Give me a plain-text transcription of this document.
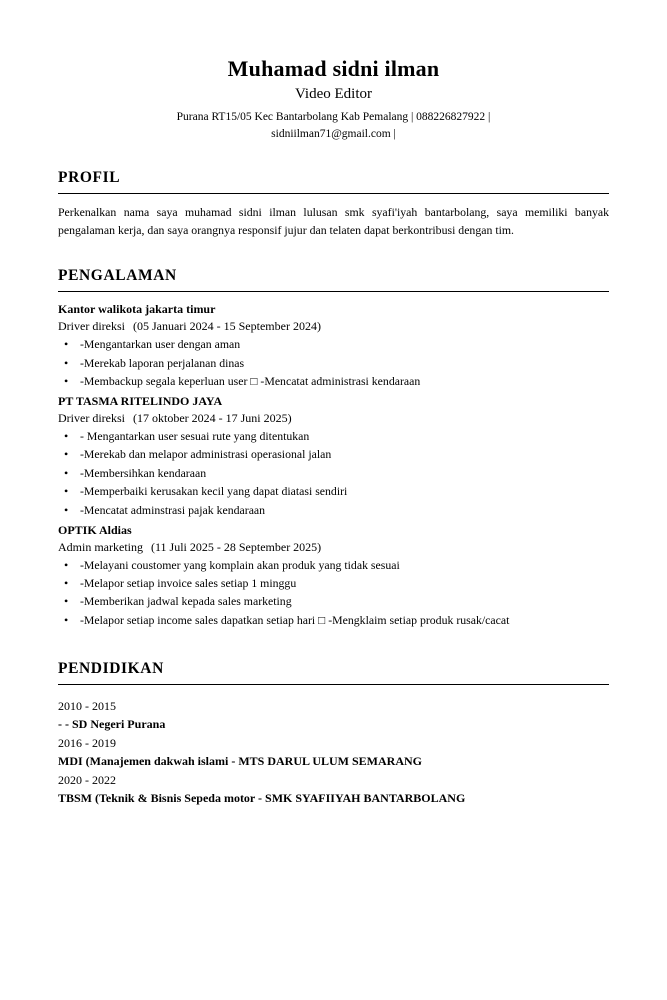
Muhamad sidni ilman
Video Editor
Purana RT15/05 Kec Bantarbolang Kab Pemalang | 088226827922 |
sidniilman71@gmail.com |
PROFIL

Perkenalkan nama saya muhamad sidni ilman lulusan smk syafi'iyah bantarbolang, saya memiliki banyak pengalaman kerja, dan saya orangnya responsif jujur dan telaten dapat berkontribusi dengan tim.

PENGALAMAN
Kantor walikota jakarta timur
Driver direksi (05 Januari 2024 - 15 September 2024)
• -Mengantarkan user dengan aman
• -Merekab laporan perjalanan dinas
• -Membackup segala keperluan user □ -Mencatat administrasi kendaraan
PT TASMA RITELINDO JAYA
Driver direksi (17 oktober 2024 - 17 Juni 2025)
• - Mengantarkan user sesuai rute yang ditentukan
• -Merekab dan melapor administrasi operasional jalan
• -Membersihkan kendaraan
• -Memperbaiki kerusakan kecil yang dapat diatasi sendiri
• -Mencatat adminstrasi pajak kendaraan
OPTIK Aldias
Admin marketing (11 Juli 2025 - 28 September 2025)
• -Melayani coustomer yang komplain akan produk yang tidak sesuai
• -Melapor setiap invoice sales setiap 1 minggu
• -Memberikan jadwal kepada sales marketing
• -Melapor setiap income sales dapatkan setiap hari □ -Mengklaim setiap produk rusak/cacat
PENDIDIKAN
2010 - 2015
- - SD Negeri Purana
2016 - 2019
MDI (Manajemen dakwah islami - MTS DARUL ULUM SEMARANG
2020 - 2022
TBSM (Teknik & Bisnis Sepeda motor - SMK SYAFIIYAH BANTARBOLANG
